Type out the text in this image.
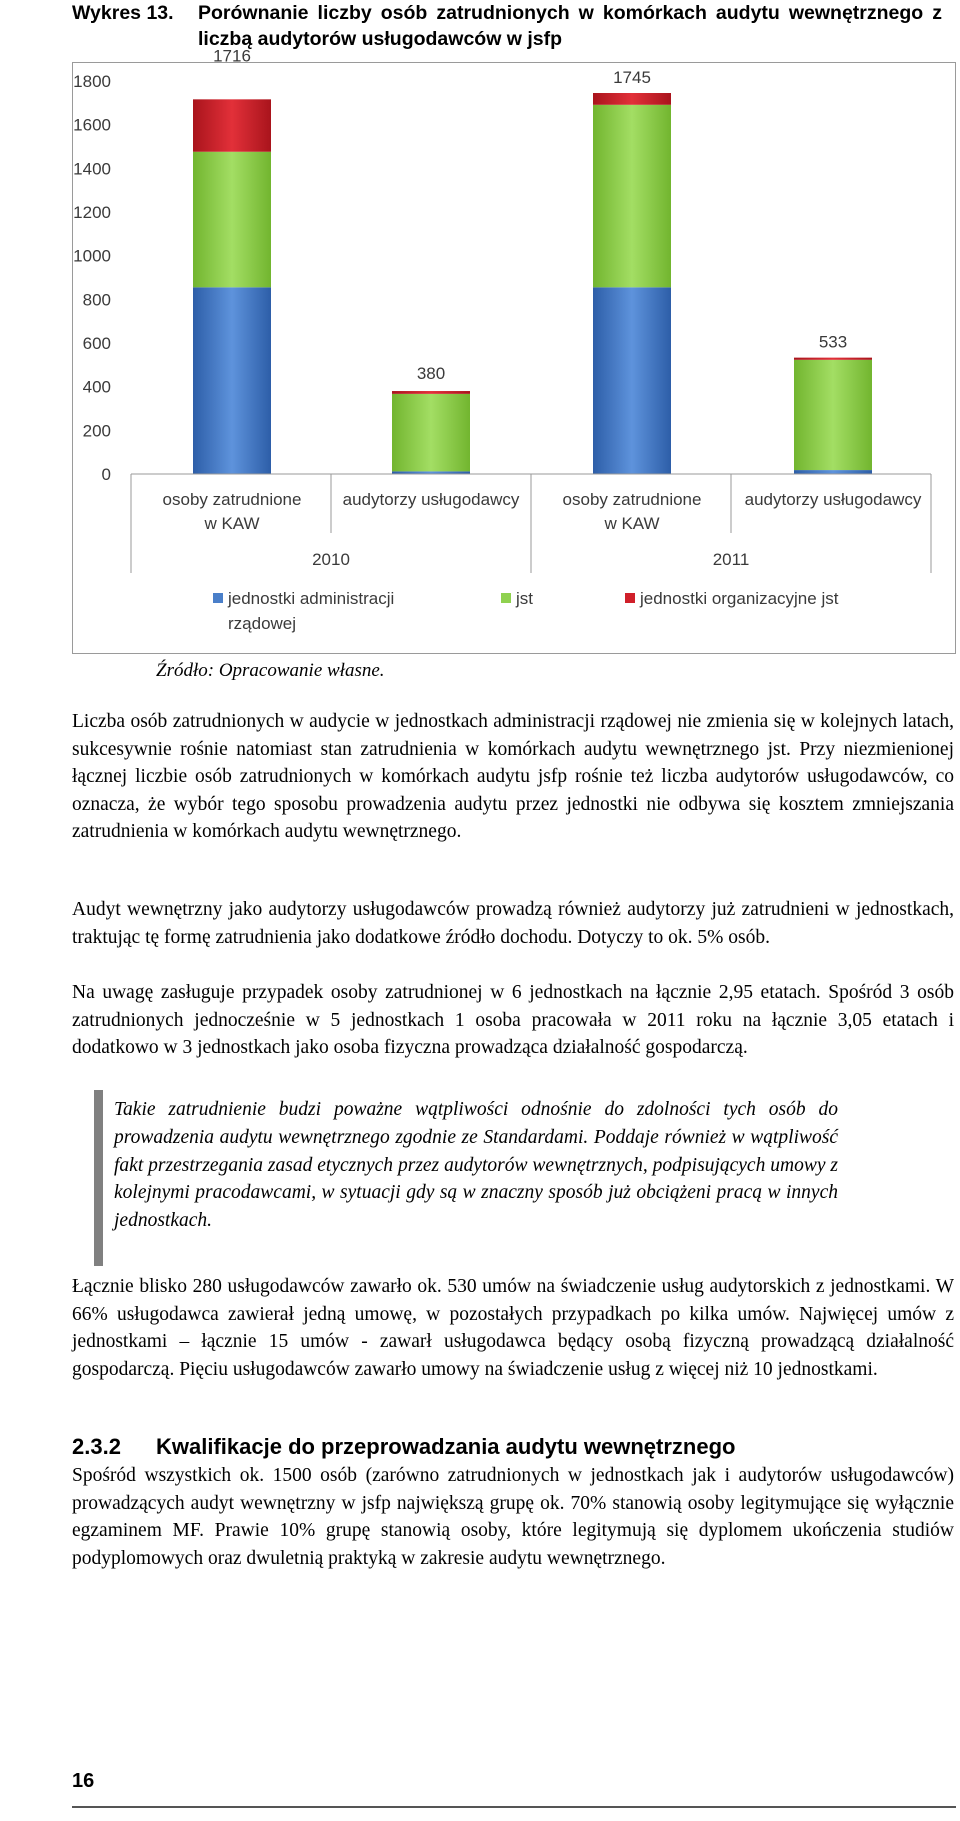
Wykres 13. Porównanie liczby osób zatrudnionych w komórkach audytu wewnętrznego z liczbą audytorów usługodawców w jsfp
0
200
400
600
800
1000
1200
1400
1600
1800
1716
380
1745
533
osoby zatrudnione
w KAW
audytorzy usługodawcy	osoby zatrudnione
w KAW
audytorzy usługodawcy
2010	2011
jednostki administracji
rządowej
jst	jednostki organizacyjne jst
Źródło: Opracowanie własne.

Liczba osób zatrudnionych w audycie w jednostkach administracji rządowej nie zmienia się w kolejnych latach, sukcesywnie rośnie natomiast stan zatrudnienia w komórkach audytu wewnętrznego jst. Przy niezmienionej łącznej liczbie osób zatrudnionych w komórkach audytu jsfp rośnie też liczba audytorów usługodawców, co oznacza, że wybór tego sposobu prowadzenia audytu przez jednostki nie odbywa się kosztem zmniejszania zatrudnienia w komórkach audytu wewnętrznego.

Audyt wewnętrzny jako audytorzy usługodawców prowadzą również audytorzy już zatrudnieni w jednostkach, traktując tę formę zatrudnienia jako dodatkowe źródło dochodu. Dotyczy to ok. 5% osób.

Na uwagę zasługuje przypadek osoby zatrudnionej w 6 jednostkach na łącznie 2,95 etatach. Spośród 3 osób zatrudnionych jednocześnie w 5 jednostkach 1 osoba pracowała w 2011 roku na łącznie 3,05 etatach i dodatkowo w 3 jednostkach jako osoba fizyczna prowadząca działalność gospodarczą.

Takie zatrudnienie budzi poważne wątpliwości odnośnie do zdolności tych osób do prowadzenia audytu wewnętrznego zgodnie ze Standardami. Poddaje również w wątpliwość fakt przestrzegania zasad etycznych przez audytorów wewnętrznych, podpisujących umowy z kolejnymi pracodawcami, w sytuacji gdy są w znaczny sposób już obciążeni pracą w innych jednostkach.

Łącznie blisko 280 usługodawców zawarło ok. 530 umów na świadczenie usług audytorskich z jednostkami. W 66% usługodawca zawierał jedną umowę, w pozostałych przypadkach po kilka umów. Najwięcej umów z jednostkami – łącznie 15 umów - zawarł usługodawca będący osobą fizyczną prowadzącą działalność gospodarczą. Pięciu usługodawców zawarło umowy na świadczenie usług z więcej niż 10 jednostkami.

2.3.2 Kwalifikacje do przeprowadzania audytu wewnętrznego

Spośród wszystkich ok. 1500 osób (zarówno zatrudnionych w jednostkach jak i audytorów usługodawców) prowadzących audyt wewnętrzny w jsfp największą grupę ok. 70% stanowią osoby legitymujące się wyłącznie egzaminem MF. Prawie 10% grupę stanowią osoby, które legitymują się dyplomem ukończenia studiów podyplomowych oraz dwuletnią praktyką w zakresie audytu wewnętrznego.

16
